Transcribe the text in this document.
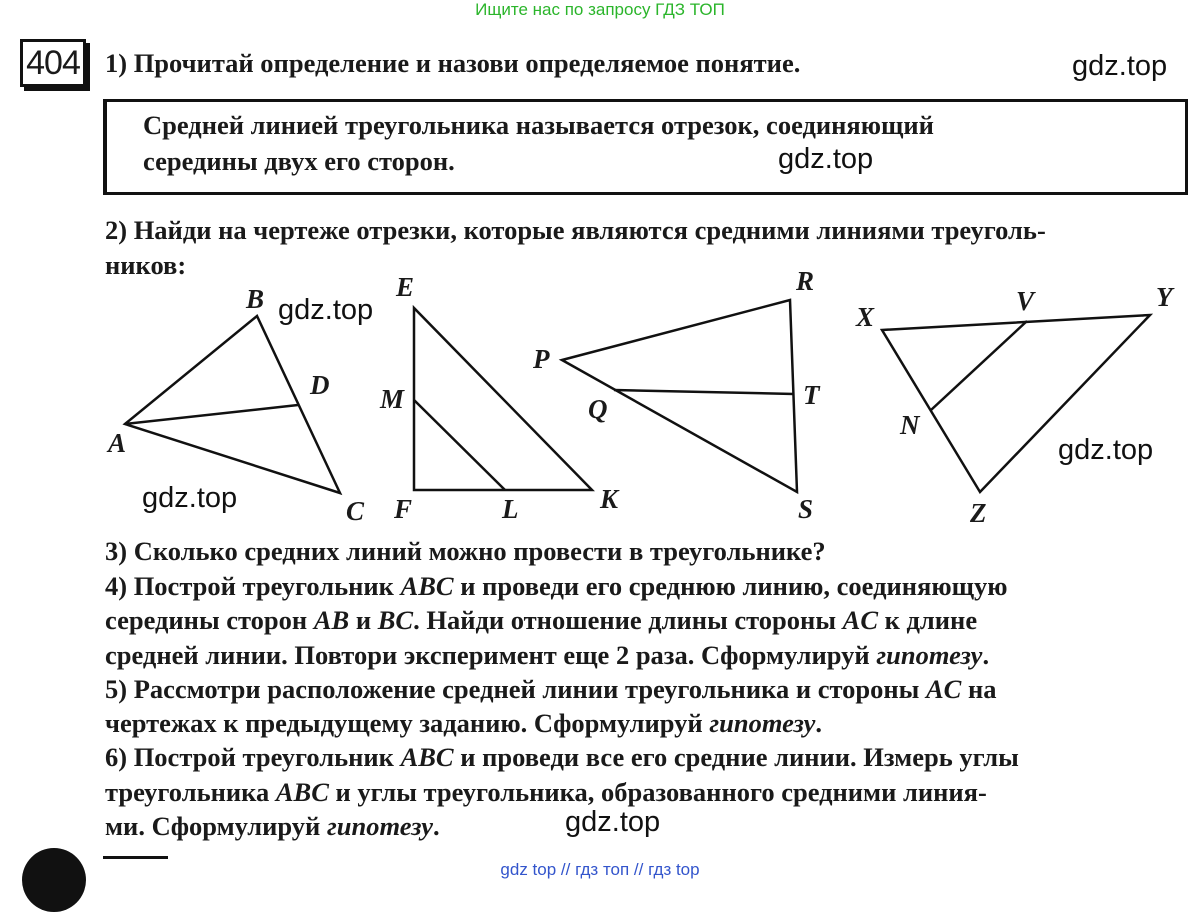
Ищите нас по запросу ГДЗ ТОП
404 1) Прочитай определение и назови определяемое понятие.	gdz.top
Средней линией треугольника называется отрезок, соединяющий
середины двух его сторон.	gdz.top
2) Найди на чертеже отрезки, которые являются средними линиями треуголь-
ников:
B gdz.top
D
A
C
gdz.top
E
M
F	L	K
P
Q
R
T
S
X
V	Y
N
Z
gdz.top
3) Сколько средних линий можно провести в треугольнике?
4) Построй треугольник ABC и проведи его среднюю линию, соединяющую
середины сторон AB и BC. Найди отношение длины стороны AC к длине
средней линии. Повтори эксперимент еще 2 раза. Сформулируй гипотезу.
5) Рассмотри расположение средней линии треугольника и стороны AC на
чертежах к предыдущему заданию. Сформулируй гипотезу.
6) Построй треугольник ABC и проведи все его средние линии. Измерь углы
треугольника ABC и углы треугольника, образованного средними линия-
ми. Сформулируй гипотезу.	gdz.top
gdz top // гдз топ // гдз top
